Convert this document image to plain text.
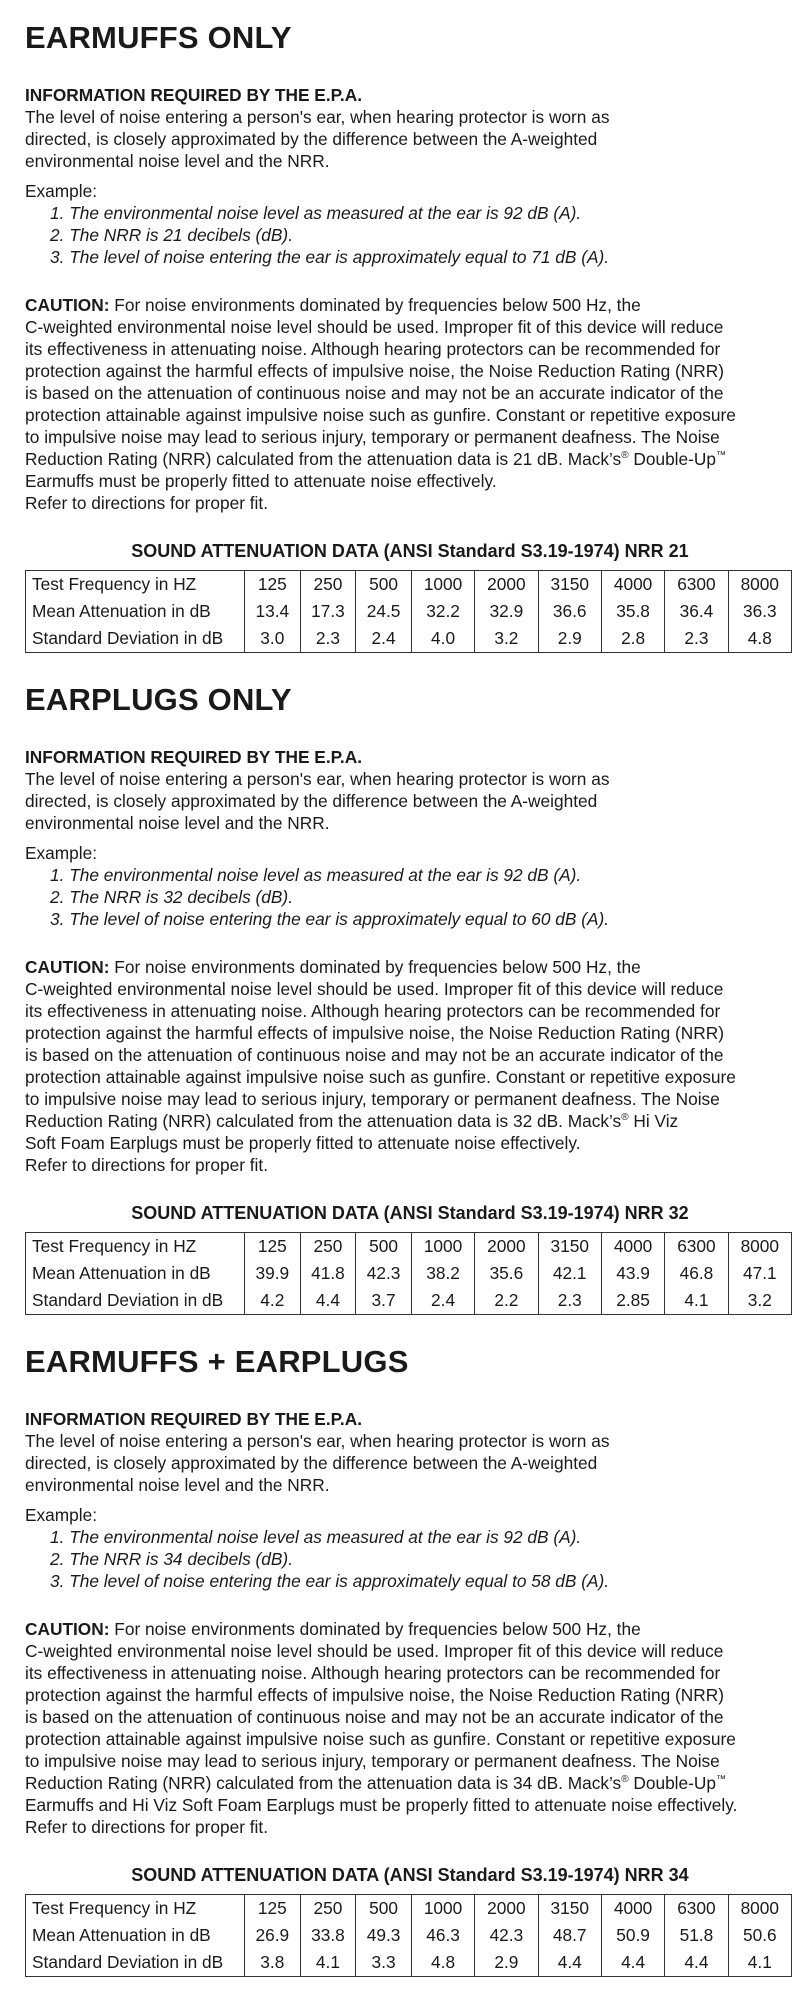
EARMUFFS ONLY
INFORMATION REQUIRED BY THE E.P.A.
The level of noise entering a person's ear, when hearing protector is worn as
directed, is closely approximated by the difference between the A-weighted
environmental noise level and the NRR.
Example:
1. The environmental noise level as measured at the ear is 92 dB (A).
2. The NRR is 21 decibels (dB).
3. The level of noise entering the ear is approximately equal to 71 dB (A).
CAUTION: For noise environments dominated by frequencies below 500 Hz, the
C-weighted environmental noise level should be used. Improper fit of this device will reduce
its effectiveness in attenuating noise. Although hearing protectors can be recommended for
protection against the harmful effects of impulsive noise, the Noise Reduction Rating (NRR)
is based on the attenuation of continuous noise and may not be an accurate indicator of the
protection attainable against impulsive noise such as gunfire. Constant or repetitive exposure
to impulsive noise may lead to serious injury, temporary or permanent deafness. The Noise
Reduction Rating (NRR) calculated from the attenuation data is 21 dB. Mack’s® Double-Up™
Earmuffs must be properly fitted to attenuate noise effectively.
Refer to directions for proper fit.
SOUND ATTENUATION DATA (ANSI Standard S3.19-1974) NRR 21
Test Frequency in HZ	125	250	500	1000	2000	3150	4000	6300	8000
Mean Attenuation in dB	13.4	17.3	24.5	32.2	32.9	36.6	35.8	36.4	36.3
Standard Deviation in dB	3.0	2.3	2.4	4.0	3.2	2.9	2.8	2.3	4.8
EARPLUGS ONLY
INFORMATION REQUIRED BY THE E.P.A.
The level of noise entering a person's ear, when hearing protector is worn as
directed, is closely approximated by the difference between the A-weighted
environmental noise level and the NRR.
Example:
1. The environmental noise level as measured at the ear is 92 dB (A).
2. The NRR is 32 decibels (dB).
3. The level of noise entering the ear is approximately equal to 60 dB (A).
CAUTION: For noise environments dominated by frequencies below 500 Hz, the
C-weighted environmental noise level should be used. Improper fit of this device will reduce
its effectiveness in attenuating noise. Although hearing protectors can be recommended for
protection against the harmful effects of impulsive noise, the Noise Reduction Rating (NRR)
is based on the attenuation of continuous noise and may not be an accurate indicator of the
protection attainable against impulsive noise such as gunfire. Constant or repetitive exposure
to impulsive noise may lead to serious injury, temporary or permanent deafness. The Noise
Reduction Rating (NRR) calculated from the attenuation data is 32 dB. Mack’s® Hi Viz
Soft Foam Earplugs must be properly fitted to attenuate noise effectively.
Refer to directions for proper fit.
SOUND ATTENUATION DATA (ANSI Standard S3.19-1974) NRR 32
Test Frequency in HZ	125	250	500	1000	2000	3150	4000	6300	8000
Mean Attenuation in dB	39.9	41.8	42.3	38.2	35.6	42.1	43.9	46.8	47.1
Standard Deviation in dB	4.2	4.4	3.7	2.4	2.2	2.3	2.85	4.1	3.2
EARMUFFS + EARPLUGS
INFORMATION REQUIRED BY THE E.P.A.
The level of noise entering a person's ear, when hearing protector is worn as
directed, is closely approximated by the difference between the A-weighted
environmental noise level and the NRR.
Example:
1. The environmental noise level as measured at the ear is 92 dB (A).
2. The NRR is 34 decibels (dB).
3. The level of noise entering the ear is approximately equal to 58 dB (A).
CAUTION: For noise environments dominated by frequencies below 500 Hz, the
C-weighted environmental noise level should be used. Improper fit of this device will reduce
its effectiveness in attenuating noise. Although hearing protectors can be recommended for
protection against the harmful effects of impulsive noise, the Noise Reduction Rating (NRR)
is based on the attenuation of continuous noise and may not be an accurate indicator of the
protection attainable against impulsive noise such as gunfire. Constant or repetitive exposure
to impulsive noise may lead to serious injury, temporary or permanent deafness. The Noise
Reduction Rating (NRR) calculated from the attenuation data is 34 dB. Mack’s® Double-Up™
Earmuffs and Hi Viz Soft Foam Earplugs must be properly fitted to attenuate noise effectively.
Refer to directions for proper fit.
SOUND ATTENUATION DATA (ANSI Standard S3.19-1974) NRR 34
Test Frequency in HZ	125	250	500	1000	2000	3150	4000	6300	8000
Mean Attenuation in dB	26.9	33.8	49.3	46.3	42.3	48.7	50.9	51.8	50.6
Standard Deviation in dB	3.8	4.1	3.3	4.8	2.9	4.4	4.4	4.4	4.1
